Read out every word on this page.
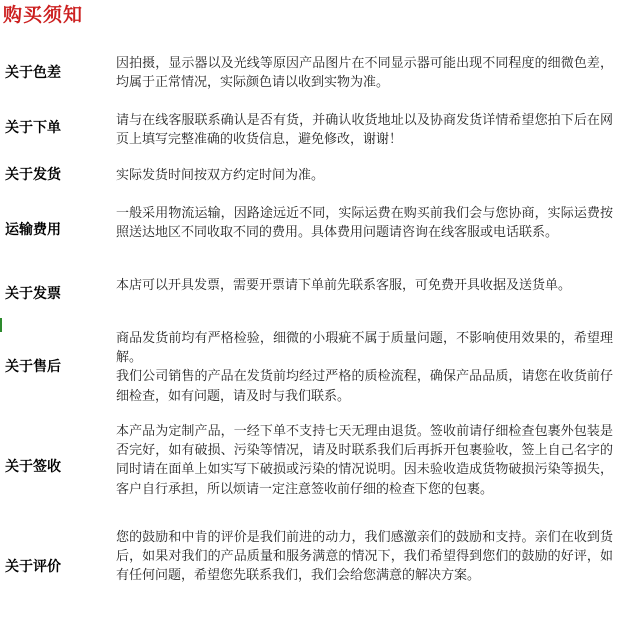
购买须知
关于色差

因拍摄，显示器以及光线等原因产品图片在不同显示器可能出现不同程度的细微色差，均属于正常情况，实际颜色请以收到实物为准。

关于下单	请与在线客服联系确认是否有货，并确认收货地址以及协商发货详情希望您拍下后在网页上填写完整准确的收货信息，避免修改，谢谢！

关于发货	实际发货时间按双方约定时间为准。

运输费用

一般采用物流运输，因路途远近不同，实际运费在购买前我们会与您协商，实际运费按照送达地区不同收取不同的费用。具体费用问题请咨询在线客服或电话联系。

关于发票

本店可以开具发票，需要开票请下单前先联系客服，可免费开具收据及送货单。

关于售后

商品发货前均有严格检验，细微的小瑕疵不属于质量问题，不影响使用效果的，希望理解。

我们公司销售的产品在发货前均经过严格的质检流程，确保产品品质，请您在收货前仔细检查，如有问题，请及时与我们联系。

关于签收

本产品为定制产品，一经下单不支持七天无理由退货。签收前请仔细检查包裹外包装是否完好，如有破损、污染等情况，请及时联系我们后再拆开包裹验收，签上自己名字的同时请在面单上如实写下破损或污染的情况说明。因未验收造成货物破损污染等损失，客户自行承担，所以烦请一定注意签收前仔细的检查下您的包裹。

关于评价

您的鼓励和中肯的评价是我们前进的动力，我们感激亲们的鼓励和支持。亲们在收到货后，如果对我们的产品质量和服务满意的情况下，我们希望得到您们的鼓励的好评，如有任何问题，希望您先联系我们，我们会给您满意的解决方案。
